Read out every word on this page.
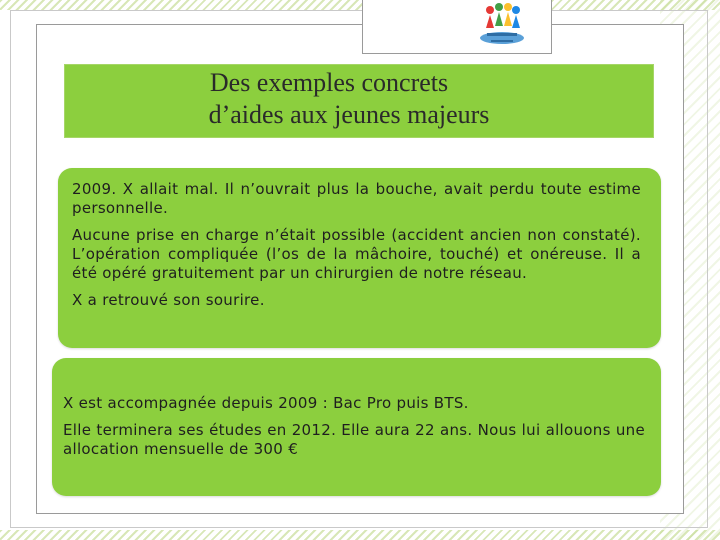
Des exemples concrets
d’aides aux jeunes majeurs

2009. X allait mal. Il n’ouvrait plus la bouche, avait perdu toute estime personnelle.

Aucune prise en charge n’était possible (accident ancien non constaté). L’opération compliquée (l’os de la mâchoire, touché) et onéreuse. Il a été opéré gratuitement par un chirurgien de notre réseau.

X a retrouvé son sourire.

X est accompagnée depuis 2009 : Bac Pro puis BTS.

Elle terminera ses études en 2012. Elle aura 22 ans. Nous lui allouons une allocation mensuelle de 300 €
